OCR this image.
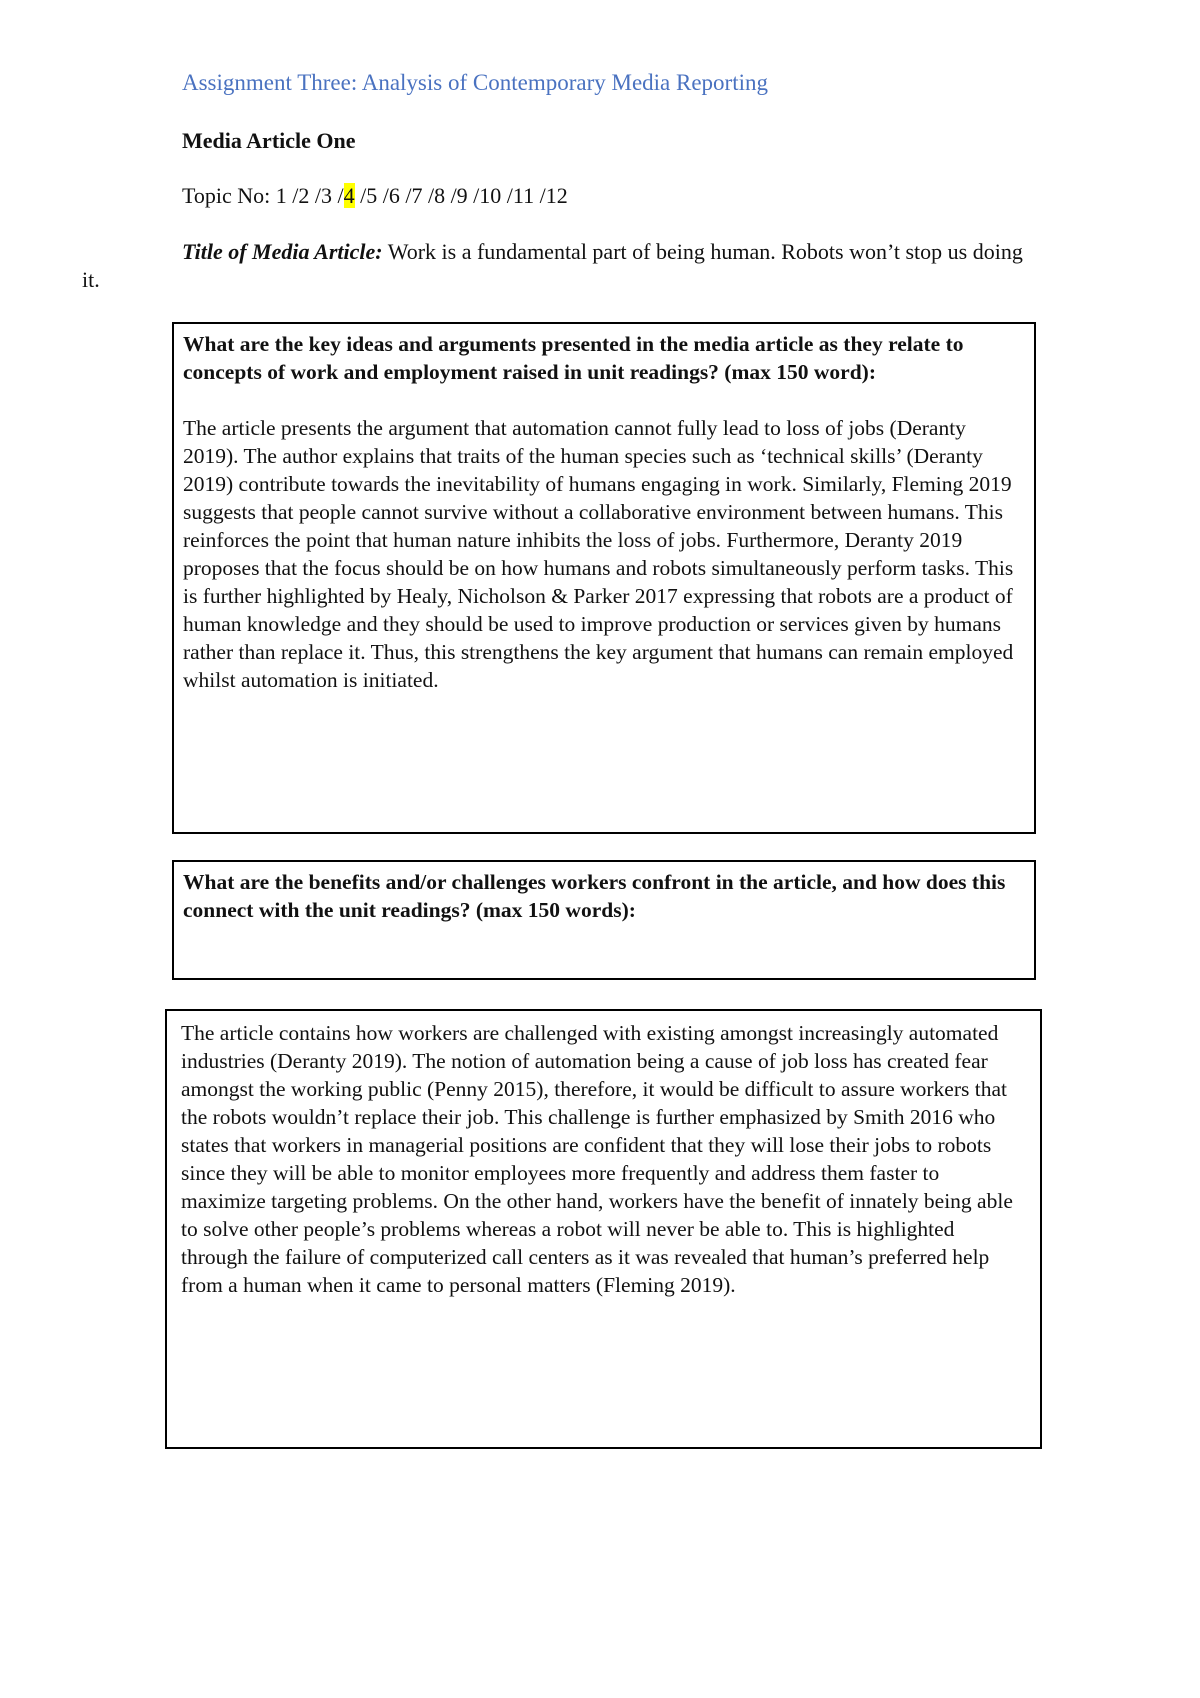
Assignment Three: Analysis of Contemporary Media Reporting
Media Article One
Topic No: 1 /2 /3 /4 /5 /6 /7 /8 /9 /10 /11 /12
Title of Media Article: Work is a fundamental part of being human. Robots won’t stop us doing it.

What are the key ideas and arguments presented in the media article as they relate to concepts of work and employment raised in unit readings? (max 150 word):

The article presents the argument that automation cannot fully lead to loss of jobs (Deranty 2019). The author explains that traits of the human species such as ‘technical skills’ (Deranty 2019) contribute towards the inevitability of humans engaging in work. Similarly, Fleming 2019 suggests that people cannot survive without a collaborative environment between humans. This reinforces the point that human nature inhibits the loss of jobs. Furthermore, Deranty 2019 proposes that the focus should be on how humans and robots simultaneously perform tasks. This is further highlighted by Healy, Nicholson & Parker 2017 expressing that robots are a product of human knowledge and they should be used to improve production or services given by humans rather than replace it. Thus, this strengthens the key argument that humans can remain employed whilst automation is initiated.

What are the benefits and/or challenges workers confront in the article, and how does this connect with the unit readings? (max 150 words):

The article contains how workers are challenged with existing amongst increasingly automated industries (Deranty 2019). The notion of automation being a cause of job loss has created fear amongst the working public (Penny 2015), therefore, it would be difficult to assure workers that the robots wouldn’t replace their job. This challenge is further emphasized by Smith 2016 who states that workers in managerial positions are confident that they will lose their jobs to robots since they will be able to monitor employees more frequently and address them faster to maximize targeting problems. On the other hand, workers have the benefit of innately being able to solve other people’s problems whereas a robot will never be able to. This is highlighted through the failure of computerized call centers as it was revealed that human’s preferred help from a human when it came to personal matters (Fleming 2019).
